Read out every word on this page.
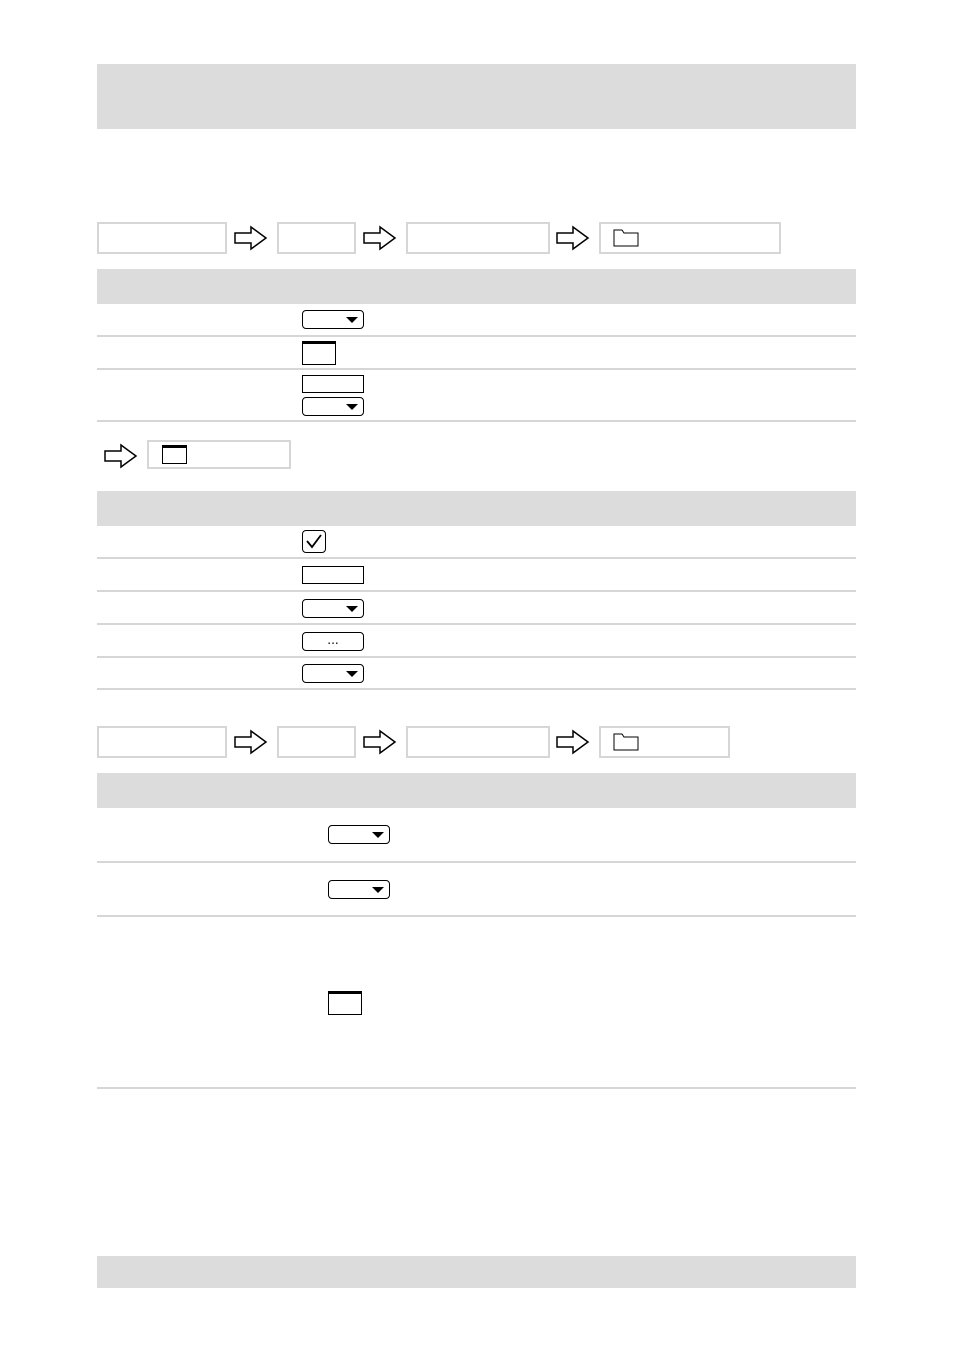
...
